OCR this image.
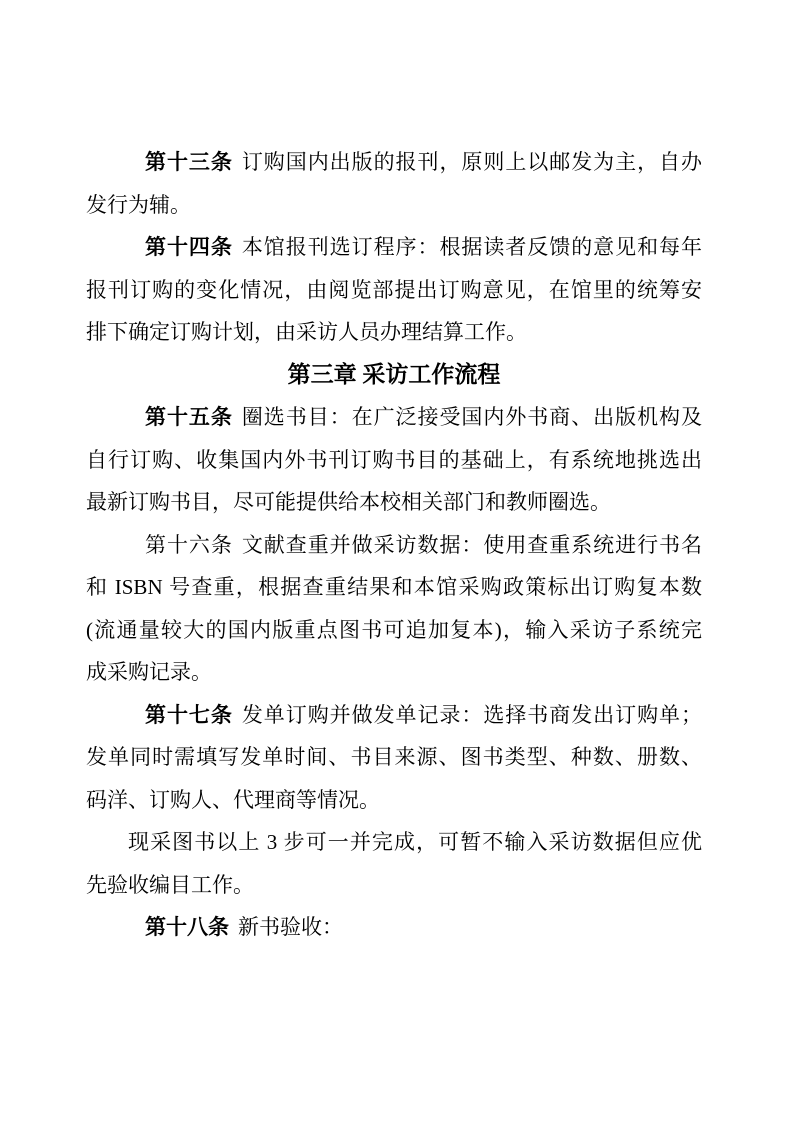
第十三条 订购国内出版的报刊，原则上以邮发为主，自办
发行为辅。
第十四条 本馆报刊选订程序：根据读者反馈的意见和每年
报刊订购的变化情况，由阅览部提出订购意见，在馆里的统筹安
排下确定订购计划，由采访人员办理结算工作。
第三章 采访工作流程
第十五条 圈选书目：在广泛接受国内外书商、出版机构及
自行订购、收集国内外书刊订购书目的基础上，有系统地挑选出
最新订购书目，尽可能提供给本校相关部门和教师圈选。
第十六条 文献查重并做采访数据：使用查重系统进行书名
和 ISBN 号查重，根据查重结果和本馆采购政策标出订购复本数
(流通量较大的国内版重点图书可追加复本)，输入采访子系统完
成采购记录。
第十七条 发单订购并做发单记录：选择书商发出订购单；
发单同时需填写发单时间、书目来源、图书类型、种数、册数、
码洋、订购人、代理商等情况。
现采图书以上 3 步可一并完成，可暂不输入采访数据但应优
先验收编目工作。
第十八条 新书验收：
